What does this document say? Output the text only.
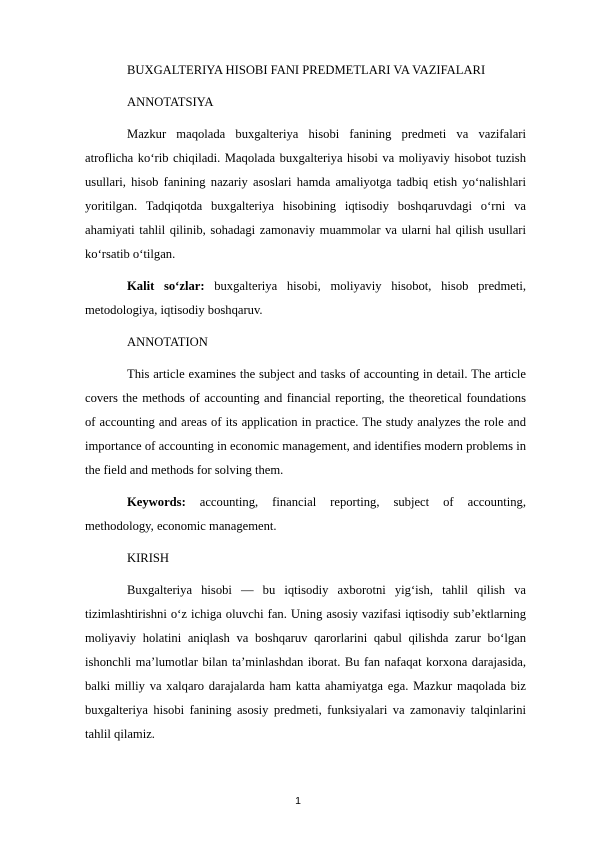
BUXGALTERIYA HISOBI FANI PREDMETLARI VA VAZIFALARI

ANNOTATSIYA

Mazkur maqolada buxgalteriya hisobi fanining predmeti va vazifalari atroflicha ko‘rib chiqiladi. Maqolada buxgalteriya hisobi va moliyaviy hisobot tuzish usullari, hisob fanining nazariy asoslari hamda amaliyotga tadbiq etish yo‘nalishlari yoritilgan. Tadqiqotda buxgalteriya hisobining iqtisodiy boshqaruvdagi o‘rni va ahamiyati tahlil qilinib, sohadagi zamonaviy muammolar va ularni hal qilish usullari ko‘rsatib o‘tilgan.

Kalit so‘zlar: buxgalteriya hisobi, moliyaviy hisobot, hisob predmeti, metodologiya, iqtisodiy boshqaruv.

ANNOTATION

This article examines the subject and tasks of accounting in detail. The article covers the methods of accounting and financial reporting, the theoretical foundations of accounting and areas of its application in practice. The study analyzes the role and importance of accounting in economic management, and identifies modern problems in the field and methods for solving them.

Keywords: accounting, financial reporting, subject of accounting, methodology, economic management.

KIRISH

Buxgalteriya hisobi — bu iqtisodiy axborotni yig‘ish, tahlil qilish va tizimlashtirishni o‘z ichiga oluvchi fan. Uning asosiy vazifasi iqtisodiy sub’ektlarning moliyaviy holatini aniqlash va boshqaruv qarorlarini qabul qilishda zarur bo‘lgan ishonchli ma’lumotlar bilan ta’minlashdan iborat. Bu fan nafaqat korxona darajasida, balki milliy va xalqaro darajalarda ham katta ahamiyatga ega. Mazkur maqolada biz buxgalteriya hisobi fanining asosiy predmeti, funksiyalari va zamonaviy talqinlarini tahlil qilamiz.

1
